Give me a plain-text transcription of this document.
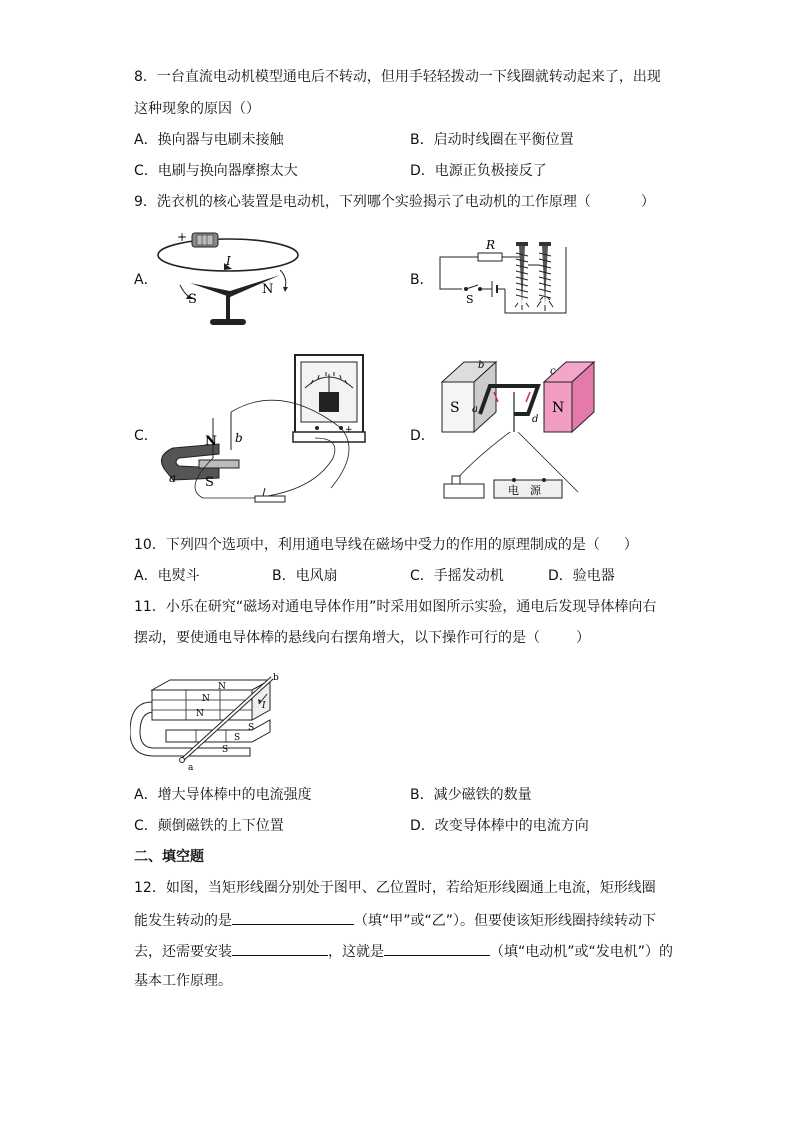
8．一台直流电动机模型通电后不转动，但用手轻轻拨动一下线圈就转动起来了，出现
这种现象的原因（）
A．换向器与电刷未接触	B．启动时线圈在平衡位置
C．电刷与换向器摩擦太大	D．电源正负极接反了
9．洗衣机的核心装置是电动机，下列哪个实验揭示了电动机的工作原理（	）
A．	B．
C．	D．
+
I
S
N
R
S
+
N b
a S
S	N
b
c
a
d
电　源
10．下列四个选项中，利用通电导线在磁场中受力的作用的原理制成的是（ ）
A．电熨斗	B．电风扇	C．手摇发动机	D．验电器
11．小乐在研究“磁场对通电导体作用”时采用如图所示实验，通电后发现导体棒向右
摆动，要使通电导体棒的悬线向右摆角增大，以下操作可行的是（	）
b
I
a
N
N
N
S
S
S
A．增大导体棒中的电流强度	B．减少磁铁的数量
C．颠倒磁铁的上下位置	D．改变导体棒中的电流方向
二、填空题
12．如图，当矩形线圈分别处于图甲、乙位置时，若给矩形线圈通上电流，矩形线圈
能发生转动的是	（填“甲”或“乙”）。但要使该矩形线圈持续转动下
去，还需要安装	，这就是	（填“电动机”或“发电机”）的
基本工作原理。
